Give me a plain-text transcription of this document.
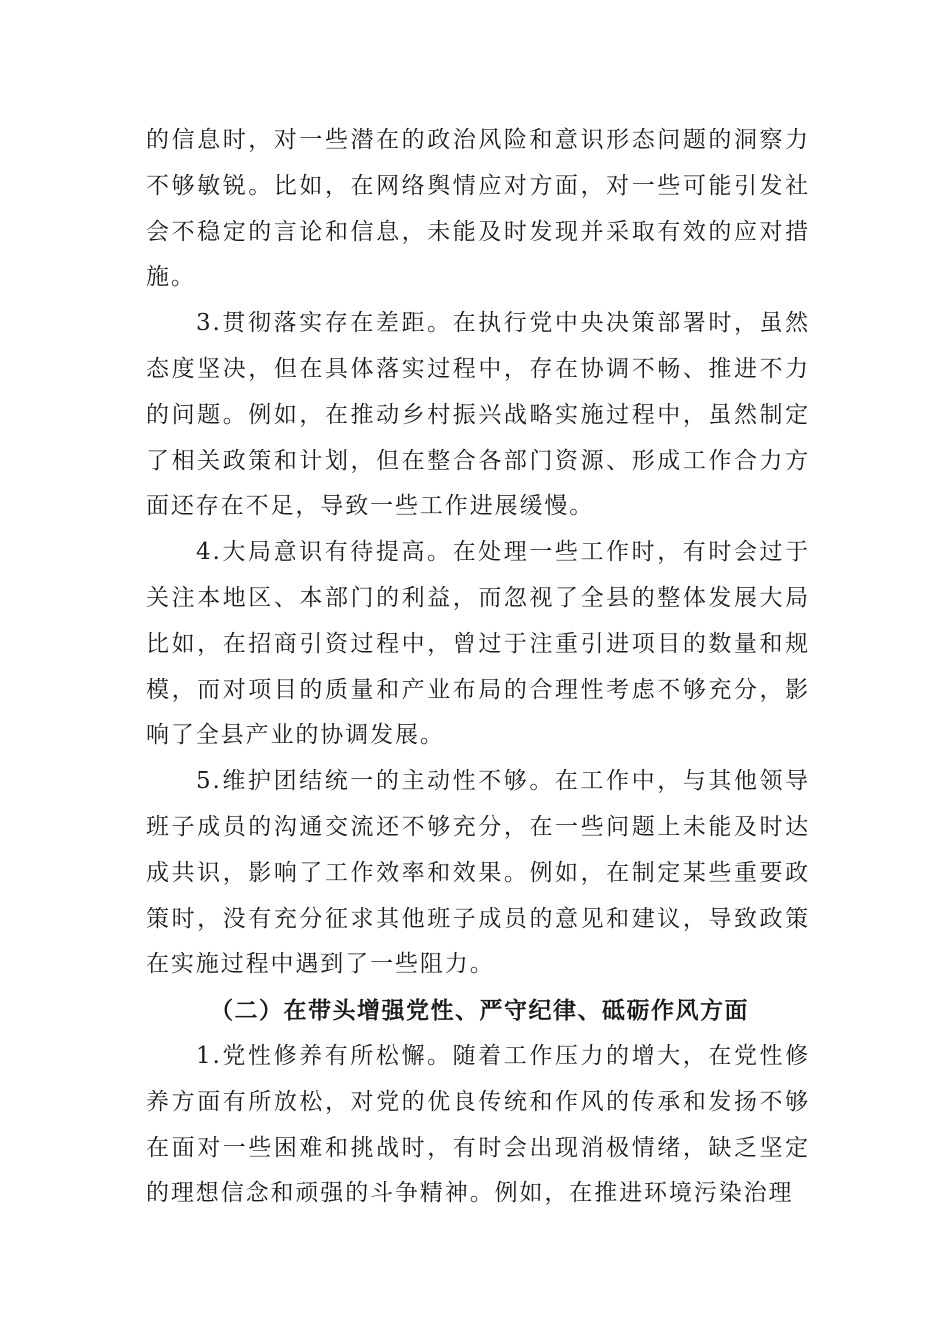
的信息时，对一些潜在的政治风险和意识形态问题的洞察力不够敏锐。比如，在网络舆情应对方面，对一些可能引发社会不稳定的言论和信息，未能及时发现并采取有效的应对措施。

3.贯彻落实存在差距。在执行党中央决策部署时，虽然态度坚决，但在具体落实过程中，存在协调不畅、推进不力的问题。例如，在推动乡村振兴战略实施过程中，虽然制定了相关政策和计划，但在整合各部门资源、形成工作合力方面还存在不足，导致一些工作进展缓慢。

4.大局意识有待提高。在处理一些工作时，有时会过于关注本地区、本部门的利益，而忽视了全县的整体发展大局比如，在招商引资过程中，曾过于注重引进项目的数量和规模，而对项目的质量和产业布局的合理性考虑不够充分，影响了全县产业的协调发展。

5.维护团结统一的主动性不够。在工作中，与其他领导班子成员的沟通交流还不够充分，在一些问题上未能及时达成共识，影响了工作效率和效果。例如，在制定某些重要政策时，没有充分征求其他班子成员的意见和建议，导致政策在实施过程中遇到了一些阻力。

（二）在带头增强党性、严守纪律、砥砺作风方面

1.党性修养有所松懈。随着工作压力的增大，在党性修养方面有所放松，对党的优良传统和作风的传承和发扬不够在面对一些困难和挑战时，有时会出现消极情绪，缺乏坚定的理想信念和顽强的斗争精神。例如，在推进环境污染治理
